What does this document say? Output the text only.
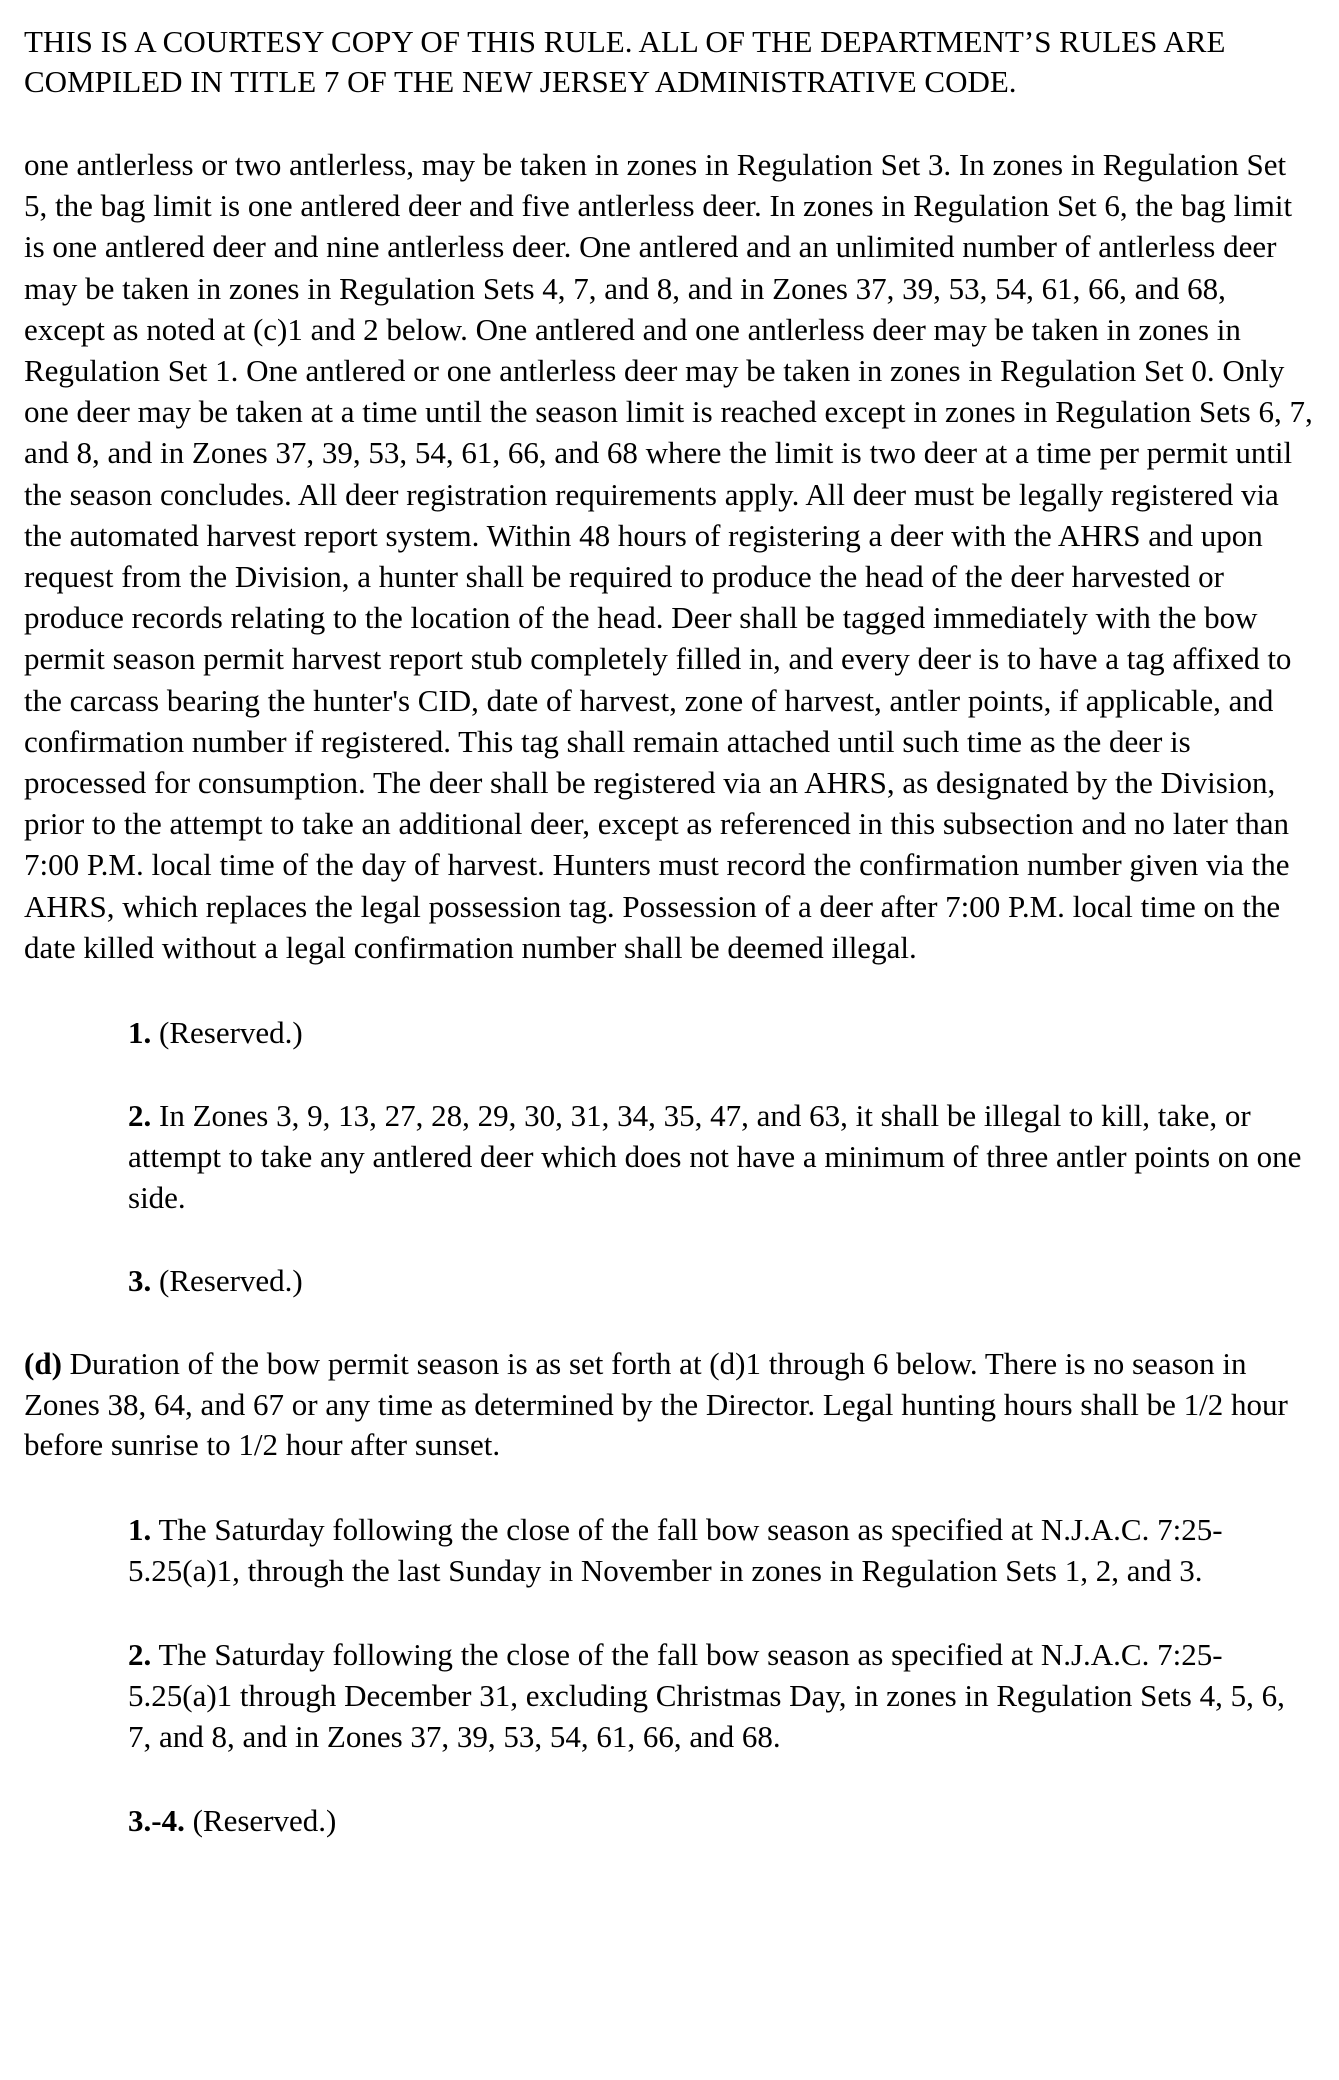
THIS IS A COURTESY COPY OF THIS RULE. ALL OF THE DEPARTMENT’S RULES ARE COMPILED IN TITLE 7 OF THE NEW JERSEY ADMINISTRATIVE CODE.

one antlerless or two antlerless, may be taken in zones in Regulation Set 3. In zones in Regulation Set 5, the bag limit is one antlered deer and five antlerless deer. In zones in Regulation Set 6, the bag limit is one antlered deer and nine antlerless deer. One antlered and an unlimited number of antlerless deer may be taken in zones in Regulation Sets 4, 7, and 8, and in Zones 37, 39, 53, 54, 61, 66, and 68, except as noted at (c)1 and 2 below. One antlered and one antlerless deer may be taken in zones in Regulation Set 1. One antlered or one antlerless deer may be taken in zones in Regulation Set 0. Only one deer may be taken at a time until the season limit is reached except in zones in Regulation Sets 6, 7, and 8, and in Zones 37, 39, 53, 54, 61, 66, and 68 where the limit is two deer at a time per permit until the season concludes. All deer registration requirements apply. All deer must be legally registered via the automated harvest report system. Within 48 hours of registering a deer with the AHRS and upon request from the Division, a hunter shall be required to produce the head of the deer harvested or produce records relating to the location of the head. Deer shall be tagged immediately with the bow permit season permit harvest report stub completely filled in, and every deer is to have a tag affixed to the carcass bearing the hunter's CID, date of harvest, zone of harvest, antler points, if applicable, and confirmation number if registered. This tag shall remain attached until such time as the deer is processed for consumption. The deer shall be registered via an AHRS, as designated by the Division, prior to the attempt to take an additional deer, except as referenced in this subsection and no later than 7:00 P.M. local time of the day of harvest. Hunters must record the confirmation number given via the AHRS, which replaces the legal possession tag. Possession of a deer after 7:00 P.M. local time on the date killed without a legal confirmation number shall be deemed illegal.

1. (Reserved.)

2. In Zones 3, 9, 13, 27, 28, 29, 30, 31, 34, 35, 47, and 63, it shall be illegal to kill, take, or attempt to take any antlered deer which does not have a minimum of three antler points on one side.

3. (Reserved.)

(d) Duration of the bow permit season is as set forth at (d)1 through 6 below. There is no season in Zones 38, 64, and 67 or any time as determined by the Director. Legal hunting hours shall be 1/2 hour before sunrise to 1/2 hour after sunset.

1. The Saturday following the close of the fall bow season as specified at N.J.A.C. 7:25-5.25(a)1, through the last Sunday in November in zones in Regulation Sets 1, 2, and 3.

2. The Saturday following the close of the fall bow season as specified at N.J.A.C. 7:25-5.25(a)1 through December 31, excluding Christmas Day, in zones in Regulation Sets 4, 5, 6, 7, and 8, and in Zones 37, 39, 53, 54, 61, 66, and 68.

3.-4. (Reserved.)
